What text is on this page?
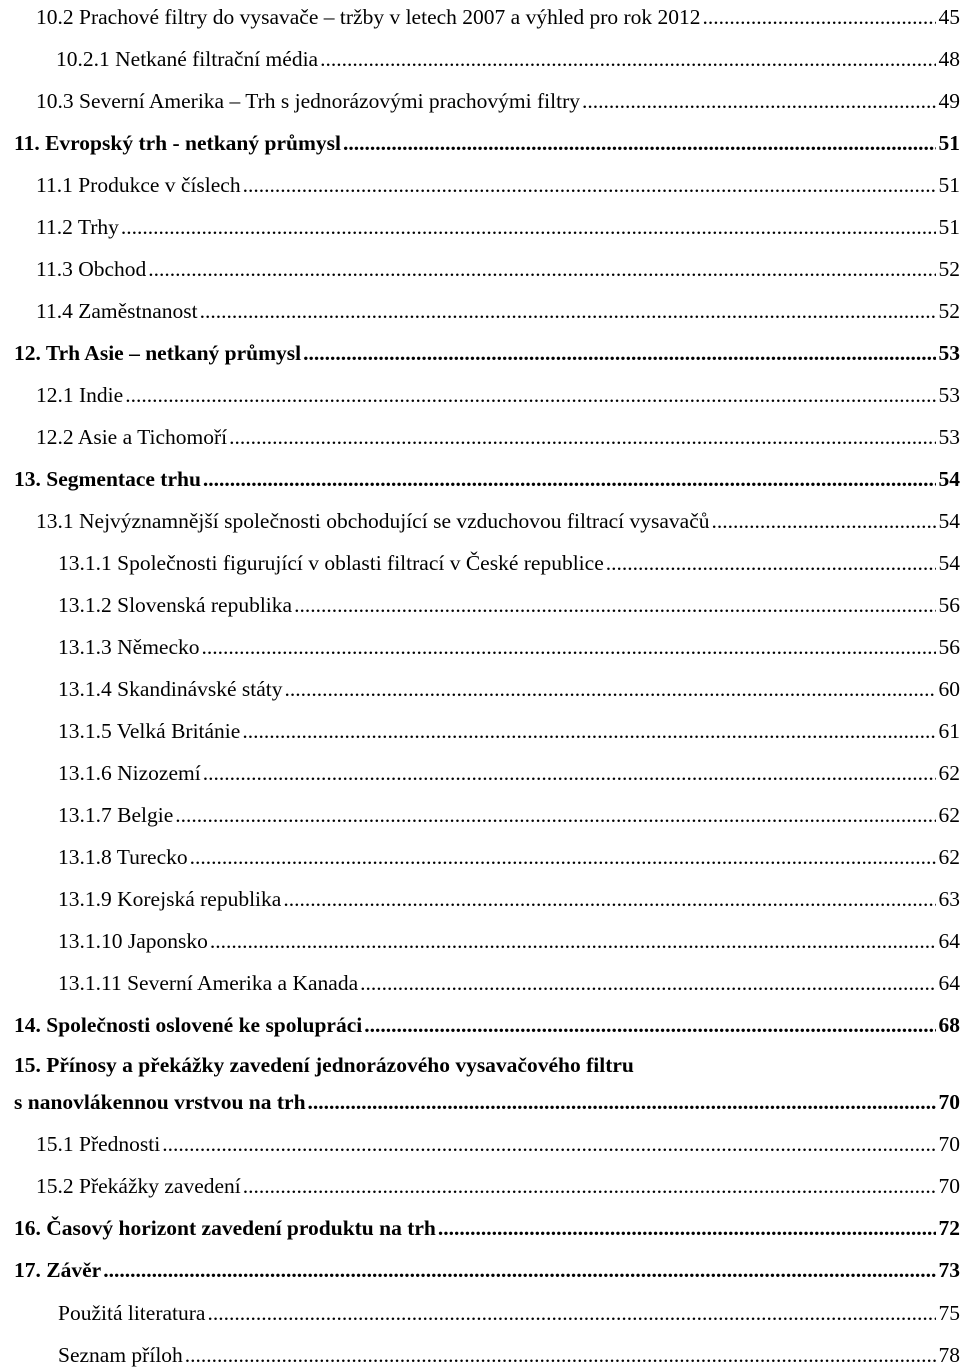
10.2 Prachové filtry do vysavače – tržby v letech 2007 a výhled pro rok 2012 .....	45
10.2.1 Netkané filtrační média .....	48
10.3 Severní Amerika – Trh s jednorázovými prachovými filtry .....	49
11. Evropský trh - netkaný průmysl .....	51
11.1 Produkce v číslech .....	51
11.2 Trhy .....	51
11.3 Obchod .....	52
11.4 Zaměstnanost .....	52
12. Trh Asie – netkaný průmysl .....	53
12.1 Indie .....	53
12.2 Asie a Tichomoří .....	53
13. Segmentace trhu .....	54
13.1 Nejvýznamnější společnosti obchodující se vzduchovou filtrací vysavačů .....	54
13.1.1 Společnosti figurující v oblasti filtrací v České republice .....	54
13.1.2 Slovenská republika .....	56
13.1.3 Německo .....	56
13.1.4 Skandinávské státy .....	60
13.1.5 Velká Británie .....	61
13.1.6 Nizozemí .....	62
13.1.7 Belgie .....	62
13.1.8 Turecko .....	62
13.1.9 Korejská republika .....	63
13.1.10 Japonsko .....	64
13.1.11 Severní Amerika a Kanada .....	64
14. Společnosti oslovené ke spolupráci .....	68
15. Přínosy a překážky zavedení jednorázového vysavačového filtru
s nanovlákennou vrstvou na trh .....	70
15.1 Přednosti .....	70
15.2 Překážky zavedení .....	70
16. Časový horizont zavedení produktu na trh .....	72
17. Závěr .....	73
Použitá literatura .....	75
Seznam příloh .....	78
